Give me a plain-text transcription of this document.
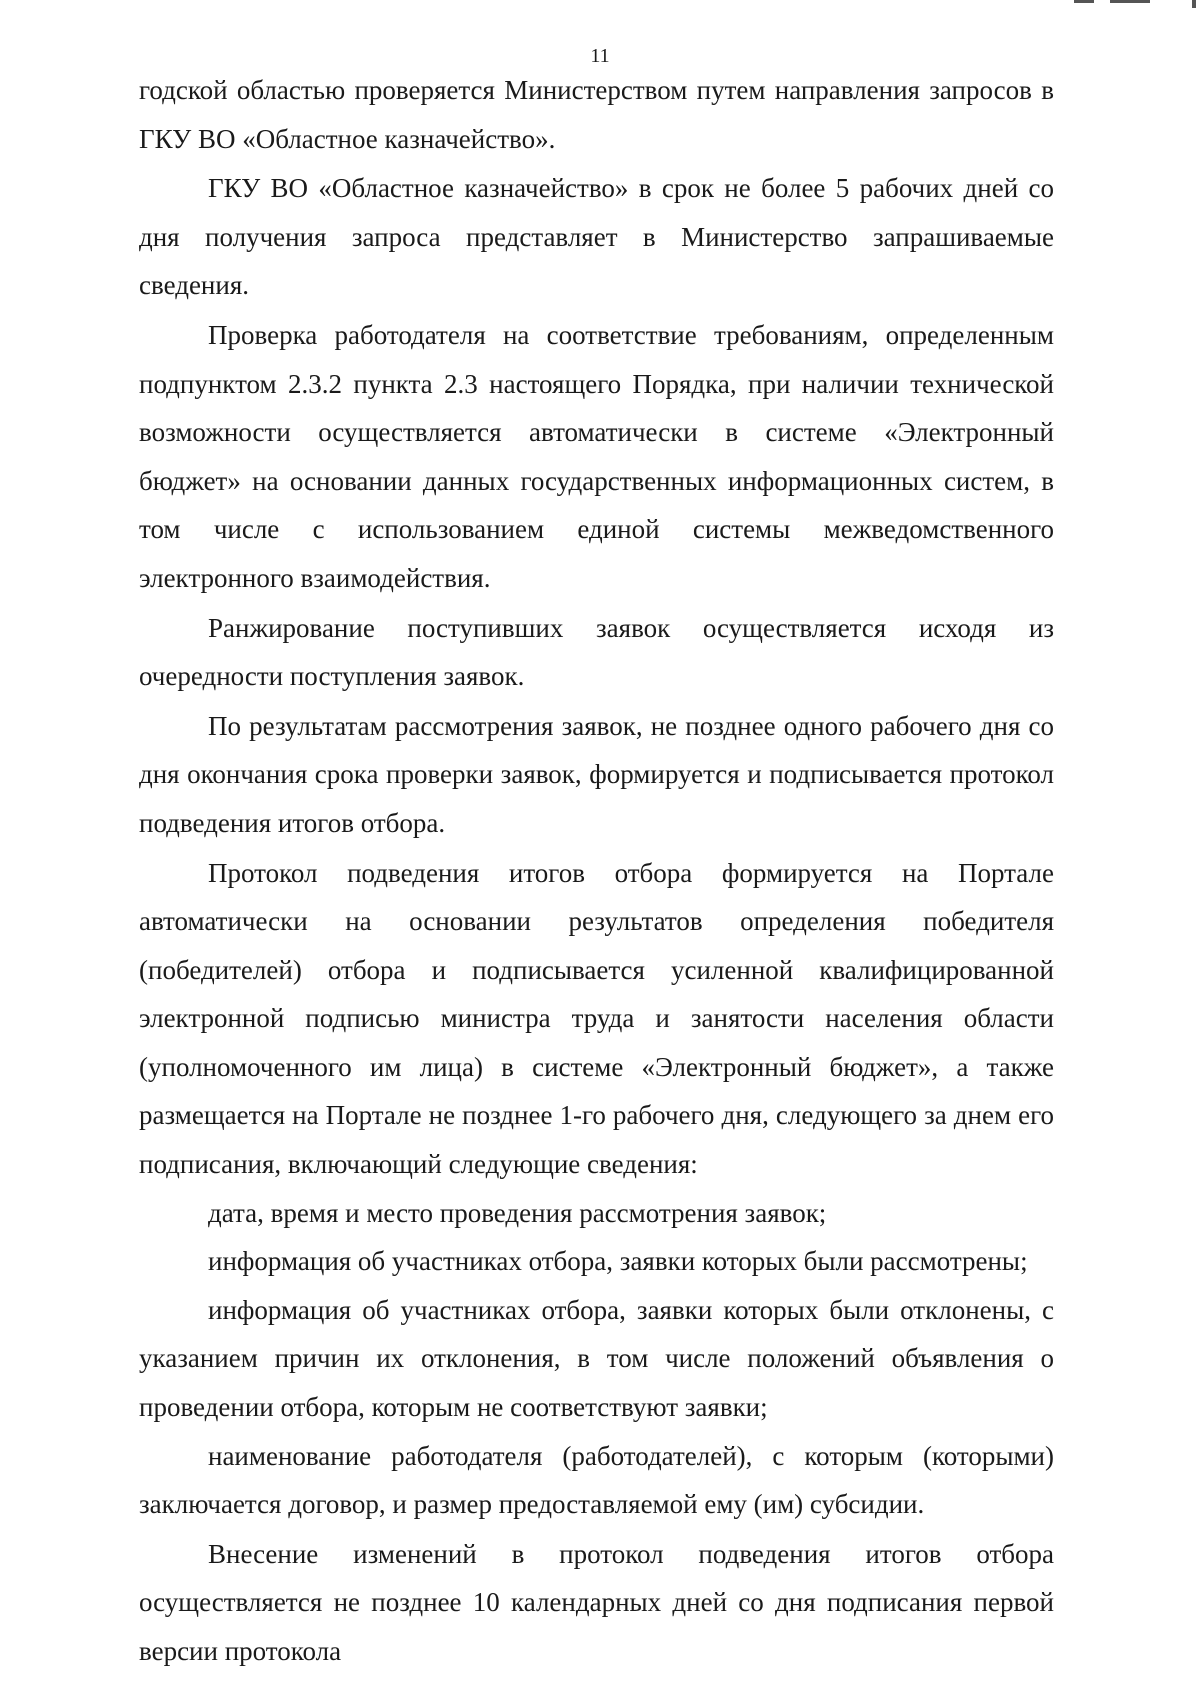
11

годской областью проверяется Министерством путем направления запросов в ГКУ ВО «Областное казначейство».

ГКУ ВО «Областное казначейство» в срок не более 5 рабочих дней со дня получения запроса представляет в Министерство запрашиваемые сведения.

Проверка работодателя на соответствие требованиям, определенным подпунктом 2.3.2 пункта 2.3 настоящего Порядка, при наличии технической возможности осуществляется автоматически в системе «Электронный бюджет» на основании данных государственных информационных систем, в том числе с использованием единой системы межведомственного электронного взаимодействия.

Ранжирование поступивших заявок осуществляется исходя из очередности поступления заявок.

По результатам рассмотрения заявок, не позднее одного рабочего дня со дня окончания срока проверки заявок, формируется и подписывается протокол подведения итогов отбора.

Протокол подведения итогов отбора формируется на Портале автоматически на основании результатов определения победителя (победителей) отбора и подписывается усиленной квалифицированной электронной подписью министра труда и занятости населения области (уполномоченного им лица) в системе «Электронный бюджет», а также размещается на Портале не позднее 1-го рабочего дня, следующего за днем его подписания, включающий следующие сведения:

дата, время и место проведения рассмотрения заявок;

информация об участниках отбора, заявки которых были рассмотрены;

информация об участниках отбора, заявки которых были отклонены, с указанием причин их отклонения, в том числе положений объявления о проведении отбора, которым не соответствуют заявки;

наименование работодателя (работодателей), с которым (которыми) заключается договор, и размер предоставляемой ему (им) субсидии.

Внесение изменений в протокол подведения итогов отбора осуществляется не позднее 10 календарных дней со дня подписания первой версии протокола
